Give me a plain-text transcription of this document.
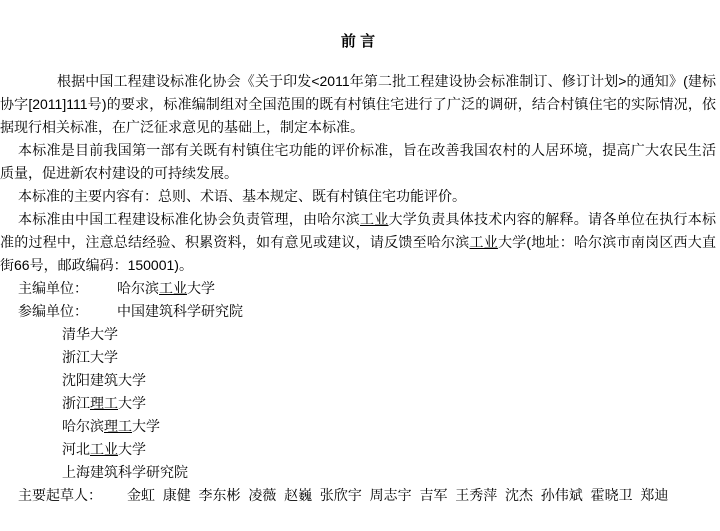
前 言

根据中国工程建设标准化协会《关于印发<2011年第二批工程建设协会标准制订、修订计划>的通知》(建标协字[2011]111号)的要求，标准编制组对全国范围的既有村镇住宅进行了广泛的调研，结合村镇住宅的实际情况，依据现行相关标准，在广泛征求意见的基础上，制定本标准。

本标准是目前我国第一部有关既有村镇住宅功能的评价标准，旨在改善我国农村的人居环境，提高广大农民生活质量，促进新农村建设的可持续发展。

本标准的主要内容有：总则、术语、基本规定、既有村镇住宅功能评价。

本标准由中国工程建设标准化协会负责管理，由哈尔滨工业大学负责具体技术内容的解释。请各单位在执行本标准的过程中，注意总结经验、积累资料，如有意见或建议，请反馈至哈尔滨工业大学(地址：哈尔滨市南岗区西大直街66号，邮政编码：150001)。

主编单位： 哈尔滨工业大学
参编单位： 中国建筑科学研究院
清华大学
浙江大学
沈阳建筑大学
浙江理工大学
哈尔滨理工大学
河北工业大学
上海建筑科学研究院
主要起草人： 金虹  康健  李东彬  凌薇  赵巍  张欣宇  周志宇  吉军  王秀萍  沈杰  孙伟斌  霍晓卫  郑迪
